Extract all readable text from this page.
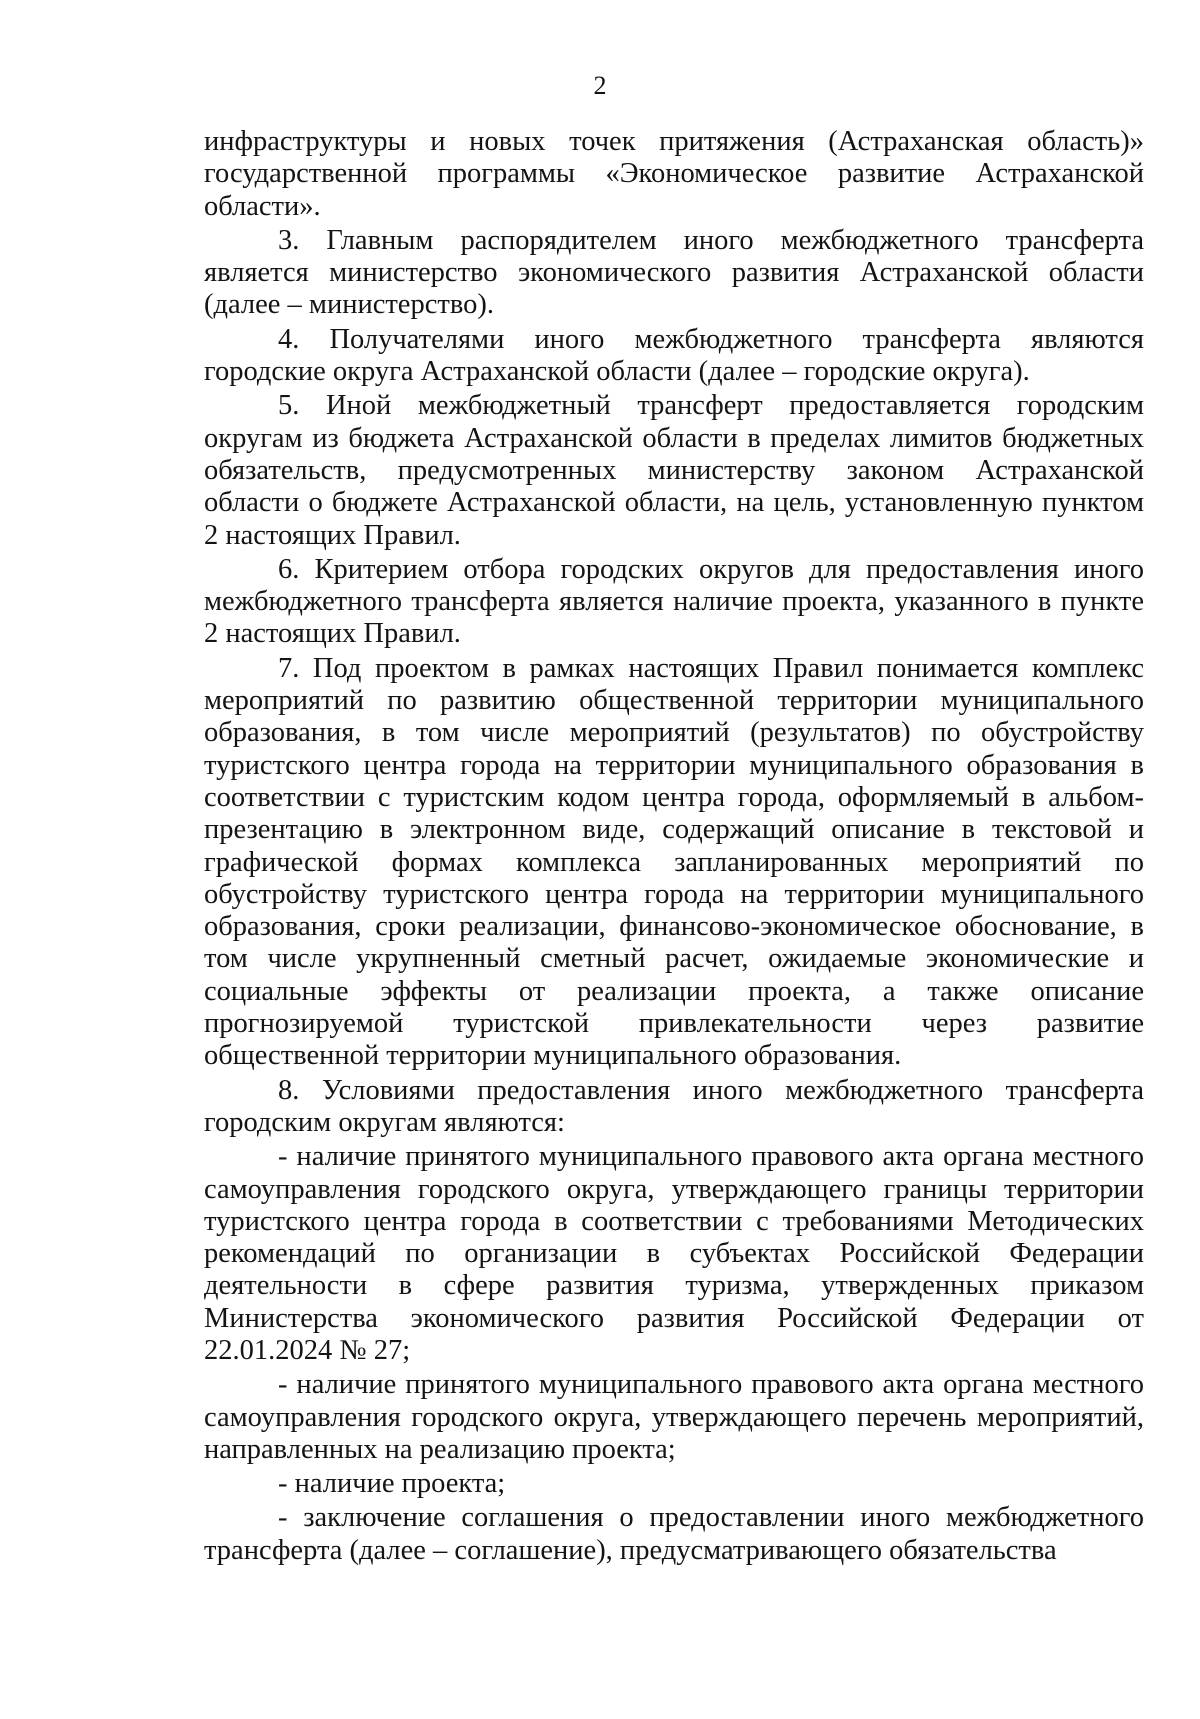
2

инфраструктуры и новых точек притяжения (Астраханская область)» государственной программы «Экономическое развитие Астраханской области».

3. Главным распорядителем иного межбюджетного трансферта является министерство экономического развития Астраханской области (далее – министерство).

4. Получателями иного межбюджетного трансферта являются городские округа Астраханской области (далее – городские округа).

5. Иной межбюджетный трансферт предоставляется городским округам из бюджета Астраханской области в пределах лимитов бюджетных обязательств, предусмотренных министерству законом Астраханской области о бюджете Астраханской области, на цель, установленную пунктом 2 настоящих Правил.

6. Критерием отбора городских округов для предоставления иного межбюджетного трансферта является наличие проекта, указанного в пункте 2 настоящих Правил.

7. Под проектом в рамках настоящих Правил понимается комплекс мероприятий по развитию общественной территории муниципального образования, в том числе мероприятий (результатов) по обустройству туристского центра города на территории муниципального образования в соответствии с туристским кодом центра города, оформляемый в альбом-презентацию в электронном виде, содержащий описание в текстовой и графической формах комплекса запланированных мероприятий по обустройству туристского центра города на территории муниципального образования, сроки реализации, финансово-экономическое обоснование, в том числе укрупненный сметный расчет, ожидаемые экономические и социальные эффекты от реализации проекта, а также описание прогнозируемой туристской привлекательности через развитие общественной территории муниципального образования.

8. Условиями предоставления иного межбюджетного трансферта городским округам являются:

- наличие принятого муниципального правового акта органа местного самоуправления городского округа, утверждающего границы территории туристского центра города в соответствии с требованиями Методических рекомендаций по организации в субъектах Российской Федерации деятельности в сфере развития туризма, утвержденных приказом Министерства экономического развития Российской Федерации от 22.01.2024 № 27;

- наличие принятого муниципального правового акта органа местного самоуправления городского округа, утверждающего перечень мероприятий, направленных на реализацию проекта;

- наличие проекта;

- заключение соглашения о предоставлении иного межбюджетного трансферта (далее – соглашение), предусматривающего обязательства
